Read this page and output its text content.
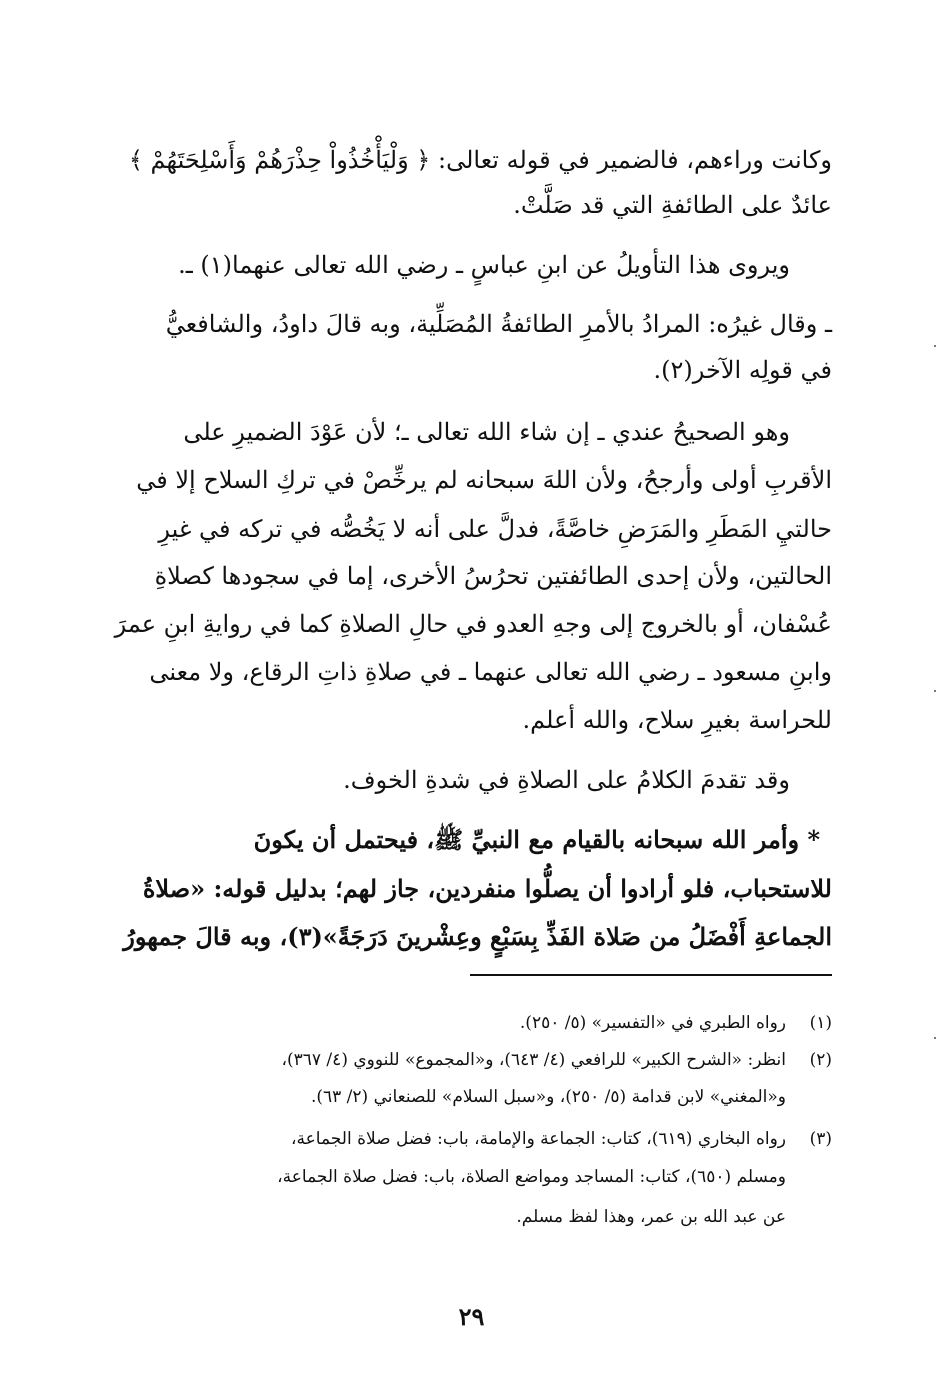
وكانت وراءهم، فالضمير في قوله تعالى: ﴿ وَلْيَأْخُذُواْ حِذْرَهُمْ وَأَسْلِحَتَهُمْ ﴾
عائدٌ على الطائفةِ التي قد صَلَّتْ.
ويروى هذا التأويلُ عن ابنِ عباسٍ ـ رضي الله تعالى عنهما(١) ـ.
ـ وقال غيرُه: المرادُ بالأمرِ الطائفةُ المُصَلِّية، وبه قالَ داودُ، والشافعيُّ
في قولِه الآخر(٢).
وهو الصحيحُ عندي ـ إن شاء الله تعالى ـ؛ لأن عَوْدَ الضميرِ على
الأقربِ أولى وأرجحُ، ولأن اللهَ سبحانه لم يرخِّصْ في تركِ السلاح إلا في
حالتيِ المَطَرِ والمَرَضِ خاصَّةً، فدلَّ على أنه لا يَخُصُّه في تركه في غيرِ
الحالتين، ولأن إحدى الطائفتين تحرُسُ الأخرى، إما في سجودها كصلاةِ
عُسْفان، أو بالخروج إلى وجهِ العدو في حالِ الصلاةِ كما في روايةِ ابنِ عمرَ
وابنِ مسعود ـ رضي الله تعالى عنهما ـ في صلاةِ ذاتِ الرقاع، ولا معنى
للحراسة بغيرِ سلاح، والله أعلم.
وقد تقدمَ الكلامُ على الصلاةِ في شدةِ الخوف.
* وأمر الله سبحانه بالقيام مع النبيِّ ﷺ، فيحتمل أن يكونَ
للاستحباب، فلو أرادوا أن يصلُّوا منفردين، جاز لهم؛ بدليل قوله: «صلاةُ
الجماعةِ أَفْضَلُ من صَلاة الفَذِّ بِسَبْعٍ وعِشْرينَ دَرَجَةً»(٣)، وبه قالَ جمهورُ
(١)رواه الطبري في «التفسير» (٥/ ٢٥٠).
(٢)انظر: «الشرح الكبير» للرافعي (٤/ ٦٤٣)، و«المجموع» للنووي (٤/ ٣٦٧)،
و«المغني» لابن قدامة (٥/ ٢٥٠)، و«سبل السلام» للصنعاني (٢/ ٦٣).
(٣)رواه البخاري (٦١٩)، كتاب: الجماعة والإمامة، باب: فضل صلاة الجماعة،
ومسلم (٦٥٠)، كتاب: المساجد ومواضع الصلاة، باب: فضل صلاة الجماعة،
عن عبد الله بن عمر، وهذا لفظ مسلم.
٢٩
